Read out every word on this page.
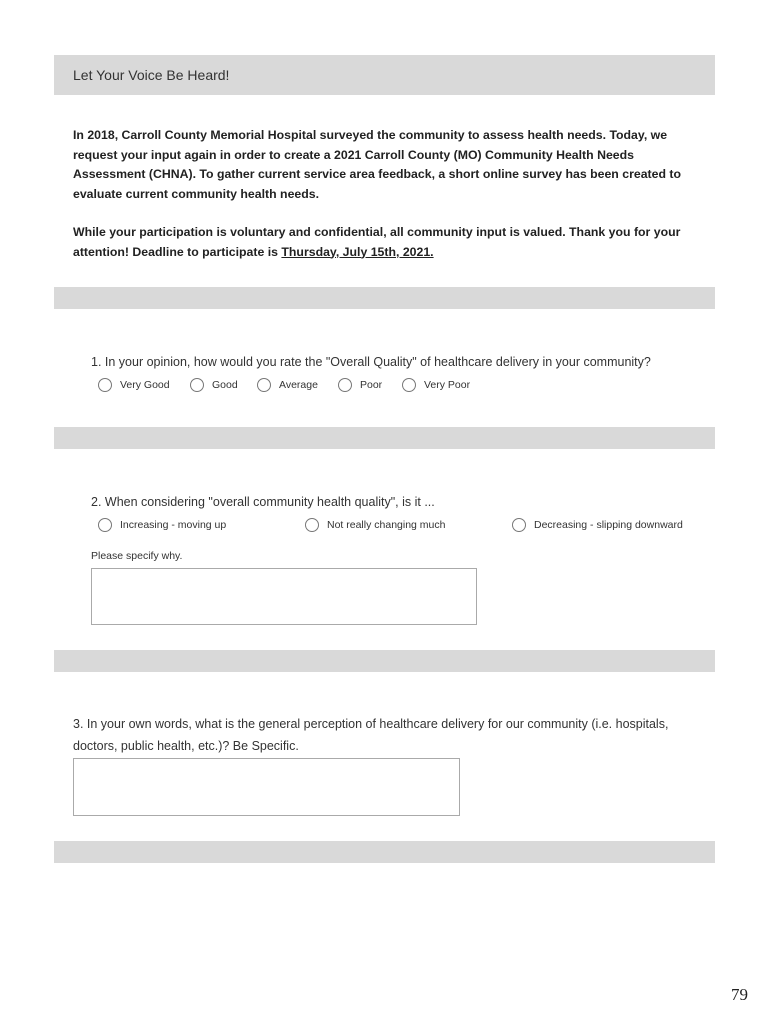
Let Your Voice Be Heard!

In 2018, Carroll County Memorial Hospital surveyed the community to assess health needs. Today, we request your input again in order to create a 2021 Carroll County (MO) Community Health Needs Assessment (CHNA). To gather current service area feedback, a short online survey has been created to evaluate current community health needs.

While your participation is voluntary and confidential, all community input is valued. Thank you for your attention! Deadline to participate is Thursday, July 15th, 2021.

1. In your opinion, how would you rate the "Overall Quality" of healthcare delivery in your community?
Very Good	Good	Average	Poor	Very Poor
2. When considering "overall community health quality", is it ...
Increasing - moving up	Not really changing much	Decreasing - slipping downward
Please specify why.
3. In your own words, what is the general perception of healthcare delivery for our community (i.e. hospitals, doctors, public health, etc.)? Be Specific.
79
